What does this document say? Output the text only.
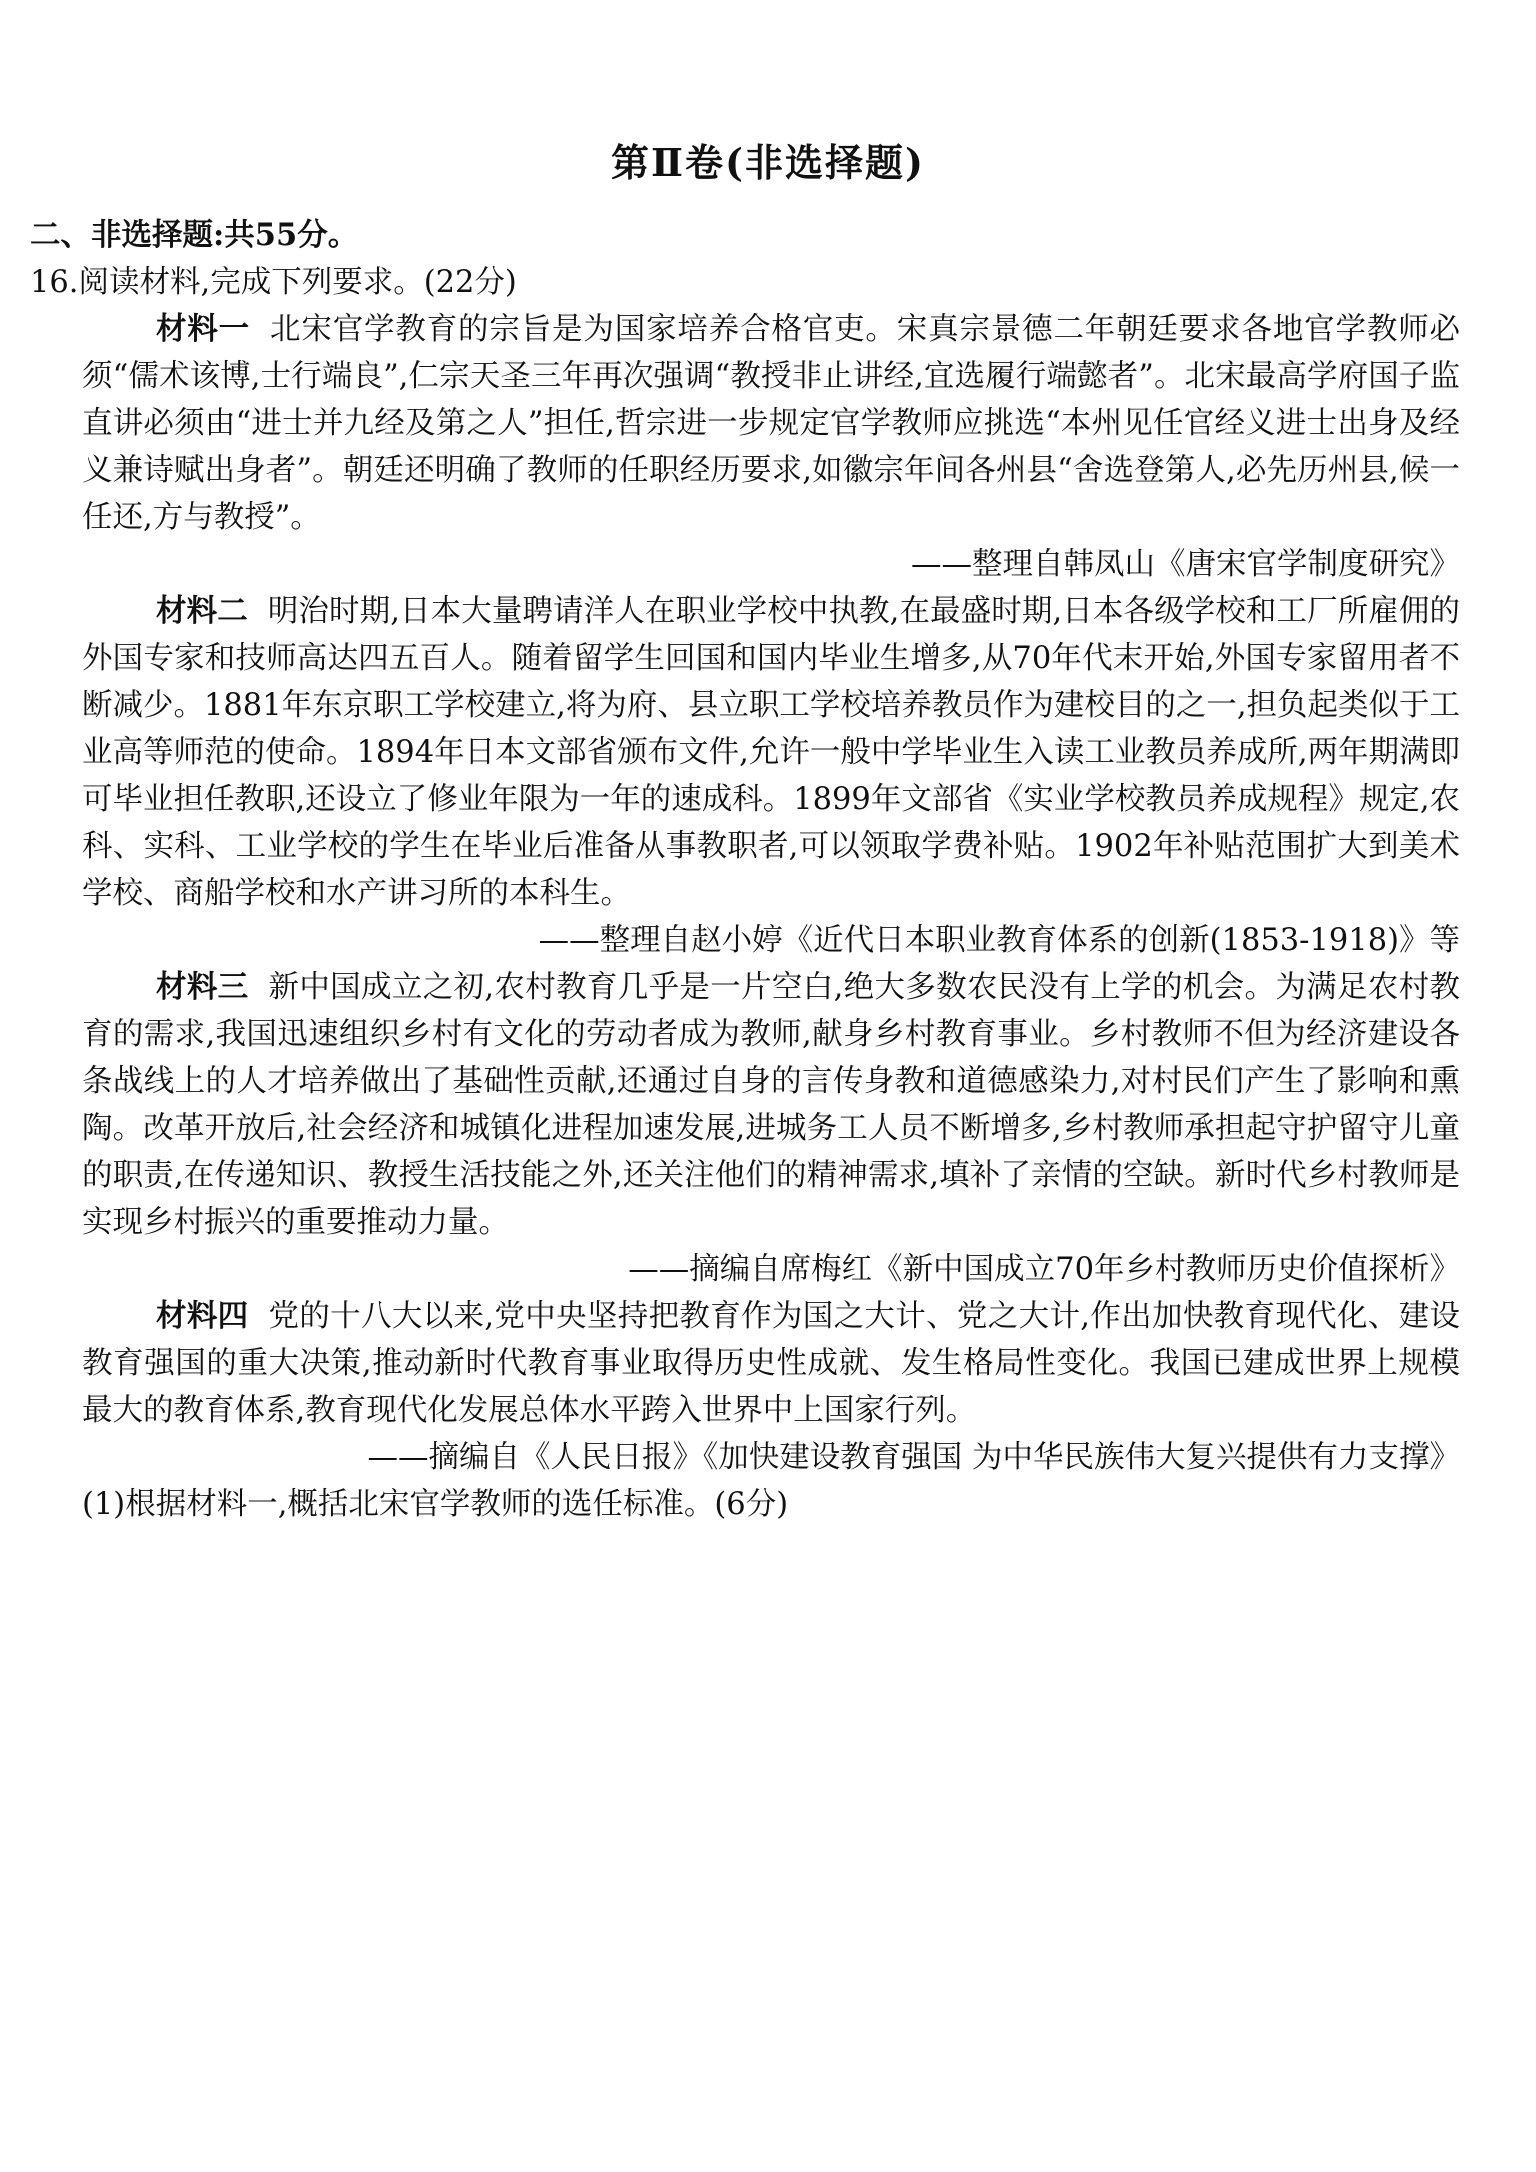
第Ⅱ卷(非选择题)

二、非选择题:共55分。

16.阅读材料,完成下列要求。(22分)

材料一 北宋官学教育的宗旨是为国家培养合格官吏。宋真宗景德二年朝廷要求各地官学教师必须“儒术该博,士行端良”,仁宗天圣三年再次强调“教授非止讲经,宜选履行端懿者”。北宋最高学府国子监直讲必须由“进士并九经及第之人”担任,哲宗进一步规定官学教师应挑选“本州见任官经义进士出身及经义兼诗赋出身者”。朝廷还明确了教师的任职经历要求,如徽宗年间各州县“舍选登第人,必先历州县,候一任还,方与教授”。

——整理自韩凤山《唐宋官学制度研究》

材料二 明治时期,日本大量聘请洋人在职业学校中执教,在最盛时期,日本各级学校和工厂所雇佣的外国专家和技师高达四五百人。随着留学生回国和国内毕业生增多,从70年代末开始,外国专家留用者不断减少。1881年东京职工学校建立,将为府、县立职工学校培养教员作为建校目的之一,担负起类似于工业高等师范的使命。1894年日本文部省颁布文件,允许一般中学毕业生入读工业教员养成所,两年期满即可毕业担任教职,还设立了修业年限为一年的速成科。1899年文部省《实业学校教员养成规程》规定,农科、实科、工业学校的学生在毕业后准备从事教职者,可以领取学费补贴。1902年补贴范围扩大到美术学校、商船学校和水产讲习所的本科生。

——整理自赵小婷《近代日本职业教育体系的创新(1853-1918)》等

材料三 新中国成立之初,农村教育几乎是一片空白,绝大多数农民没有上学的机会。为满足农村教育的需求,我国迅速组织乡村有文化的劳动者成为教师,献身乡村教育事业。乡村教师不但为经济建设各条战线上的人才培养做出了基础性贡献,还通过自身的言传身教和道德感染力,对村民们产生了影响和熏陶。改革开放后,社会经济和城镇化进程加速发展,进城务工人员不断增多,乡村教师承担起守护留守儿童的职责,在传递知识、教授生活技能之外,还关注他们的精神需求,填补了亲情的空缺。新时代乡村教师是实现乡村振兴的重要推动力量。

——摘编自席梅红《新中国成立70年乡村教师历史价值探析》

材料四 党的十八大以来,党中央坚持把教育作为国之大计、党之大计,作出加快教育现代化、建设教育强国的重大决策,推动新时代教育事业取得历史性成就、发生格局性变化。我国已建成世界上规模最大的教育体系,教育现代化发展总体水平跨入世界中上国家行列。

——摘编自《人民日报》《加快建设教育强国 为中华民族伟大复兴提供有力支撑》

(1)根据材料一,概括北宋官学教师的选任标准。(6分)
